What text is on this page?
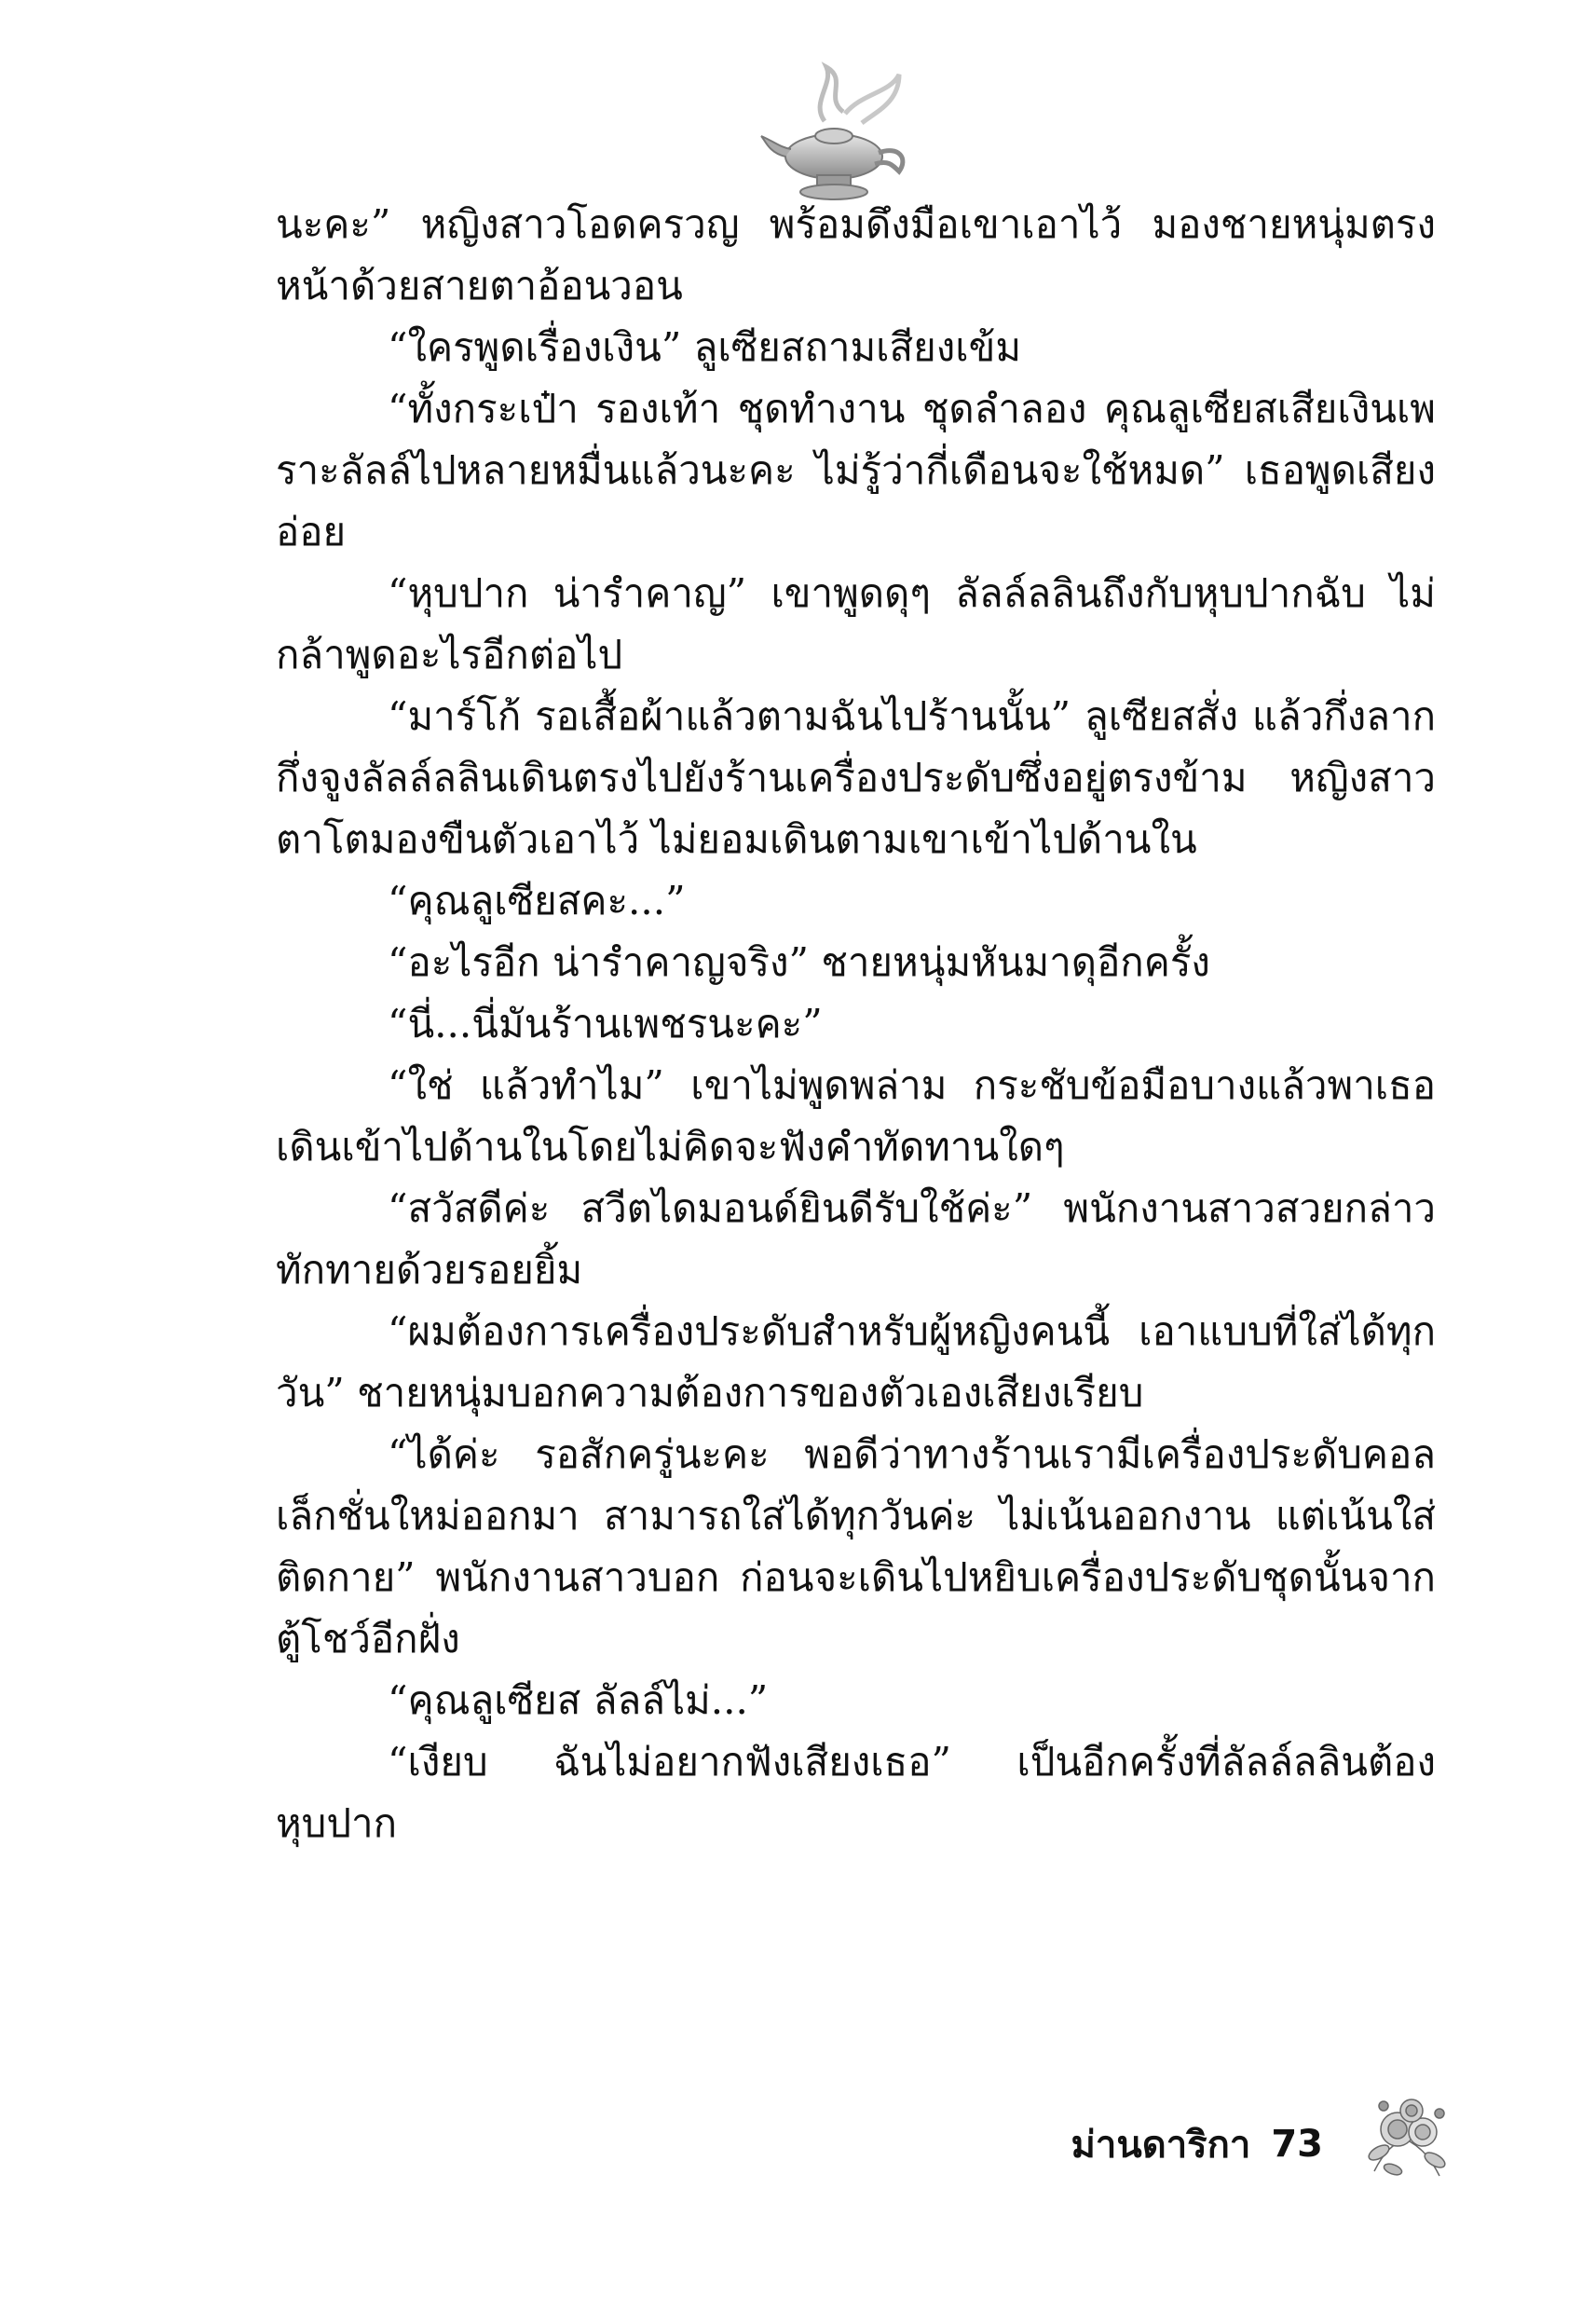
นะคะ” หญิงสาวโอดครวญ พร้อมดึงมือเขาเอาไว้ มองชายหนุ่มตรงหน้าด้วยสายตาอ้อนวอน

“ใครพูดเรื่องเงิน” ลูเซียสถามเสียงเข้ม

“ทั้งกระเป๋า รองเท้า ชุดทำงาน ชุดลำลอง คุณลูเซียสเสียเงินเพราะลัลล์ไปหลายหมื่นแล้วนะคะ ไม่รู้ว่ากี่เดือนจะใช้หมด” เธอพูดเสียงอ่อย

“หุบปาก น่ารำคาญ” เขาพูดดุๆ ลัลล์ลลินถึงกับหุบปากฉับ ไม่กล้าพูดอะไรอีกต่อไป

“มาร์โก้ รอเสื้อผ้าแล้วตามฉันไปร้านนั้น” ลูเซียสสั่ง แล้วกึ่งลากกึ่งจูงลัลล์ลลินเดินตรงไปยังร้านเครื่องประดับซึ่งอยู่ตรงข้าม หญิงสาวตาโตมองขืนตัวเอาไว้ ไม่ยอมเดินตามเขาเข้าไปด้านใน

“คุณลูเซียสคะ...”

“อะไรอีก น่ารำคาญจริง” ชายหนุ่มหันมาดุอีกครั้ง

“นี่...นี่มันร้านเพชรนะคะ”

“ใช่ แล้วทำไม” เขาไม่พูดพล่าม กระชับข้อมือบางแล้วพาเธอเดินเข้าไปด้านในโดยไม่คิดจะฟังคำทัดทานใดๆ

“สวัสดีค่ะ สวีตไดมอนด์ยินดีรับใช้ค่ะ” พนักงานสาวสวยกล่าวทักทายด้วยรอยยิ้ม

“ผมต้องการเครื่องประดับสำหรับผู้หญิงคนนี้ เอาแบบที่ใส่ได้ทุกวัน” ชายหนุ่มบอกความต้องการของตัวเองเสียงเรียบ

“ได้ค่ะ รอสักครู่นะคะ พอดีว่าทางร้านเรามีเครื่องประดับคอลเล็กชั่นใหม่ออกมา สามารถใส่ได้ทุกวันค่ะ ไม่เน้นออกงาน แต่เน้นใส่ติดกาย” พนักงานสาวบอก ก่อนจะเดินไปหยิบเครื่องประดับชุดนั้นจากตู้โชว์อีกฝั่ง

“คุณลูเซียส ลัลล์ไม่...”

“เงียบ ฉันไม่อยากฟังเสียงเธอ” เป็นอีกครั้งที่ลัลล์ลลินต้องหุบปาก

ม่านดาริกา 73
